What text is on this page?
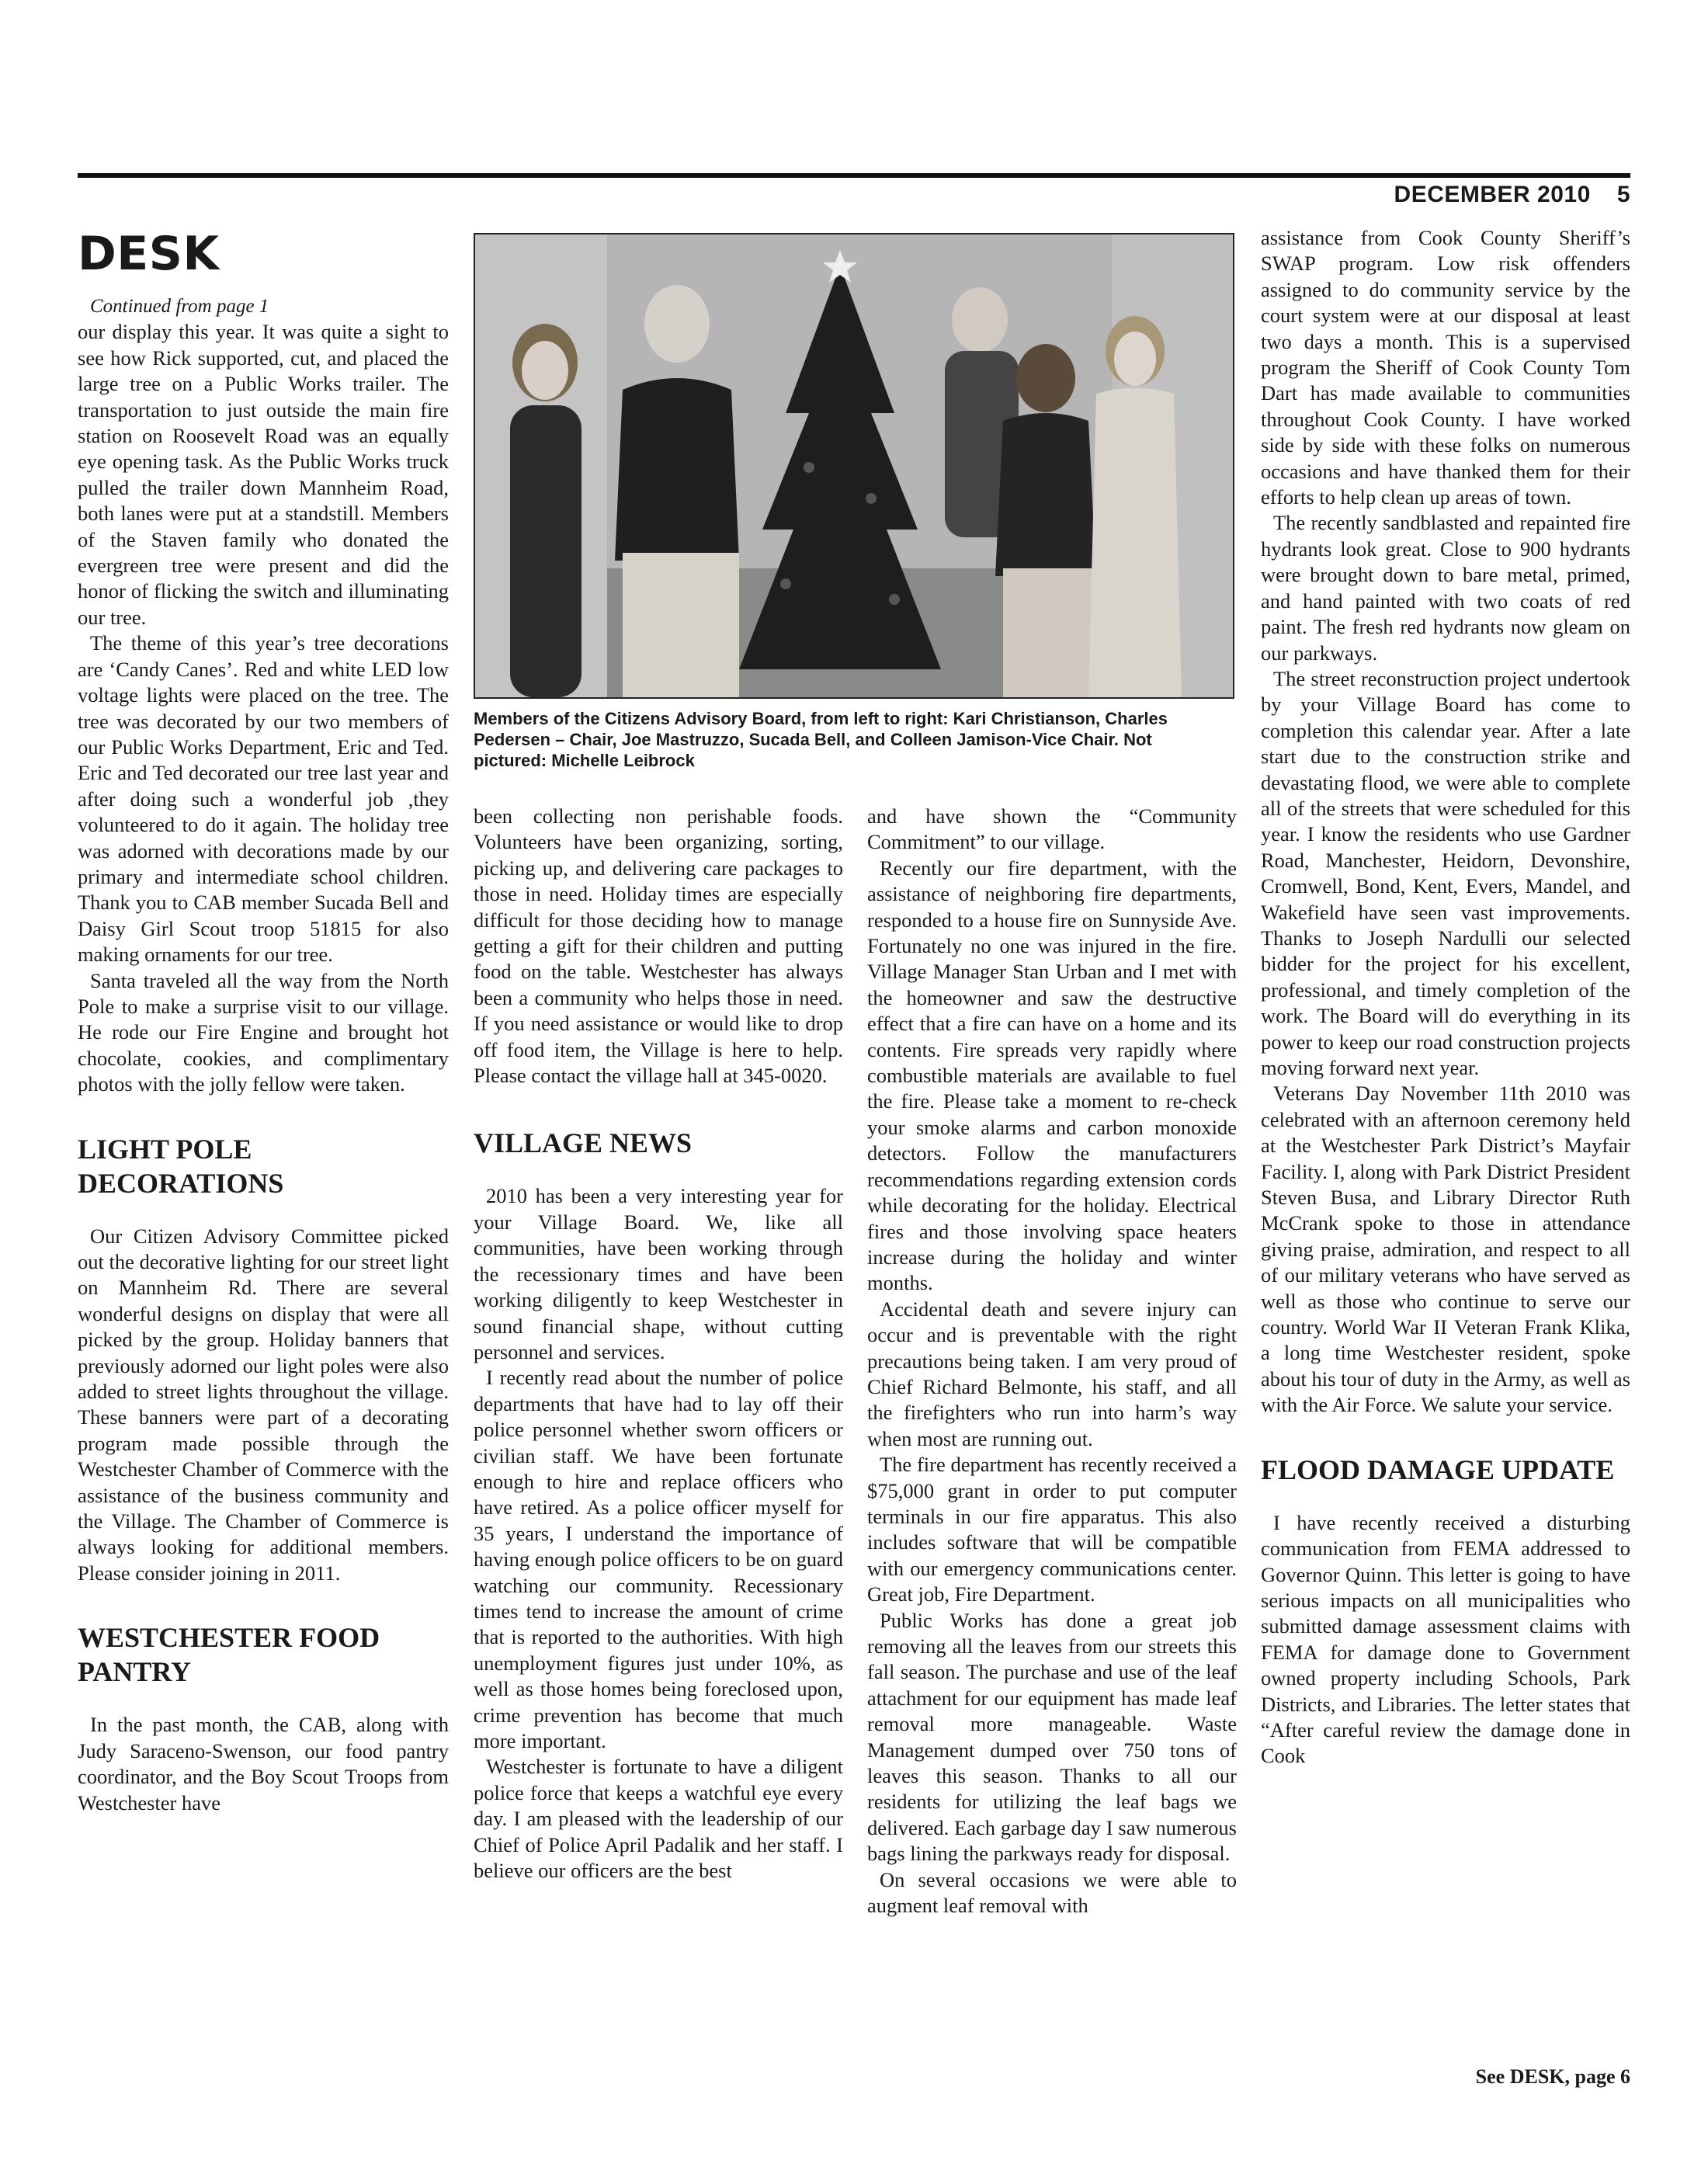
DECEMBER 2010 5
DESK

Continued from page 1

our display this year. It was quite a sight to see how Rick supported, cut, and placed the large tree on a Public Works trailer. The transportation to just outside the main fire station on Roosevelt Road was an equally eye opening task. As the Public Works truck pulled the trailer down Mannheim Road, both lanes were put at a standstill. Members of the Staven family who donated the evergreen tree were present and did the honor of flicking the switch and illuminating our tree.

The theme of this year’s tree decorations are ‘Candy Canes’. Red and white LED low voltage lights were placed on the tree. The tree was decorated by our two members of our Public Works Department, Eric and Ted. Eric and Ted decorated our tree last year and after doing such a wonderful job ,they volunteered to do it again. The holiday tree was adorned with decorations made by our primary and intermediate school children. Thank you to CAB member Sucada Bell and Daisy Girl Scout troop 51815 for also making ornaments for our tree.

Santa traveled all the way from the North Pole to make a surprise visit to our village. He rode our Fire Engine and brought hot chocolate, cookies, and complimentary photos with the jolly fellow were taken.

LIGHT POLE DECORATIONS

Our Citizen Advisory Committee picked out the decorative lighting for our street light on Mannheim Rd. There are several wonderful designs on display that were all picked by the group. Holiday banners that previously adorned our light poles were also added to street lights throughout the village. These banners were part of a decorating program made possible through the Westchester Chamber of Commerce with the assistance of the business community and the Village. The Chamber of Commerce is always looking for additional members. Please consider joining in 2011.

WESTCHESTER FOOD PANTRY

In the past month, the CAB, along with Judy Saraceno-Swenson, our food pantry coordinator, and the Boy Scout Troops from Westchester have

Members of the Citizens Advisory Board, from left to right: Kari Christianson, Charles Pedersen – Chair, Joe Mastruzzo, Sucada Bell, and Colleen Jamison-Vice Chair. Not pictured: Michelle Leibrock

been collecting non perishable foods. Volunteers have been organizing, sorting, picking up, and delivering care packages to those in need. Holiday times are especially difficult for those deciding how to manage getting a gift for their children and putting food on the table. Westchester has always been a community who helps those in need. If you need assistance or would like to drop off food item, the Village is here to help. Please contact the village hall at 345-0020.

VILLAGE NEWS

2010 has been a very interesting year for your Village Board. We, like all communities, have been working through the recessionary times and have been working diligently to keep Westchester in sound financial shape, without cutting personnel and services.

I recently read about the number of police departments that have had to lay off their police personnel whether sworn officers or civilian staff. We have been fortunate enough to hire and replace officers who have retired. As a police officer myself for 35 years, I understand the importance of having enough police officers to be on guard watching our community. Recessionary times tend to increase the amount of crime that is reported to the authorities. With high unemployment figures just under 10%, as well as those homes being foreclosed upon, crime prevention has become that much more important.

Westchester is fortunate to have a diligent police force that keeps a watchful eye every day. I am pleased with the leadership of our Chief of Police April Padalik and her staff. I believe our officers are the best

and have shown the “Community Commitment” to our village.

Recently our fire department, with the assistance of neighboring fire departments, responded to a house fire on Sunnyside Ave. Fortunately no one was injured in the fire. Village Manager Stan Urban and I met with the homeowner and saw the destructive effect that a fire can have on a home and its contents. Fire spreads very rapidly where combustible materials are available to fuel the fire. Please take a moment to re-check your smoke alarms and carbon monoxide detectors. Follow the manufacturers recommendations regarding extension cords while decorating for the holiday. Electrical fires and those involving space heaters increase during the holiday and winter months.

Accidental death and severe injury can occur and is preventable with the right precautions being taken. I am very proud of Chief Richard Belmonte, his staff, and all the firefighters who run into harm’s way when most are running out.

The fire department has recently received a $75,000 grant in order to put computer terminals in our fire apparatus. This also includes software that will be compatible with our emergency communications center. Great job, Fire Department.

Public Works has done a great job removing all the leaves from our streets this fall season. The purchase and use of the leaf attachment for our equipment has made leaf removal more manageable. Waste Management dumped over 750 tons of leaves this season. Thanks to all our residents for utilizing the leaf bags we delivered. Each garbage day I saw numerous bags lining the parkways ready for disposal.

On several occasions we were able to augment leaf removal with

assistance from Cook County Sheriff’s SWAP program. Low risk offenders assigned to do community service by the court system were at our disposal at least two days a month. This is a supervised program the Sheriff of Cook County Tom Dart has made available to communities throughout Cook County. I have worked side by side with these folks on numerous occasions and have thanked them for their efforts to help clean up areas of town.

The recently sandblasted and repainted fire hydrants look great. Close to 900 hydrants were brought down to bare metal, primed, and hand painted with two coats of red paint. The fresh red hydrants now gleam on our parkways.

The street reconstruction project undertook by your Village Board has come to completion this calendar year. After a late start due to the construction strike and devastating flood, we were able to complete all of the streets that were scheduled for this year. I know the residents who use Gardner Road, Manchester, Heidorn, Devonshire, Cromwell, Bond, Kent, Evers, Mandel, and Wakefield have seen vast improvements. Thanks to Joseph Nardulli our selected bidder for the project for his excellent, professional, and timely completion of the work. The Board will do everything in its power to keep our road construction projects moving forward next year.

Veterans Day November 11th 2010 was celebrated with an afternoon ceremony held at the Westchester Park District’s Mayfair Facility. I, along with Park District President Steven Busa, and Library Director Ruth McCrank spoke to those in attendance giving praise, admiration, and respect to all of our military veterans who have served as well as those who continue to serve our country. World War II Veteran Frank Klika, a long time Westchester resident, spoke about his tour of duty in the Army, as well as with the Air Force. We salute your service.

FLOOD DAMAGE UPDATE

I have recently received a disturbing communication from FEMA addressed to Governor Quinn. This letter is going to have serious impacts on all municipalities who submitted damage assessment claims with FEMA for damage done to Government owned property including Schools, Park Districts, and Libraries. The letter states that “After careful review the damage done in Cook

See DESK, page 6
